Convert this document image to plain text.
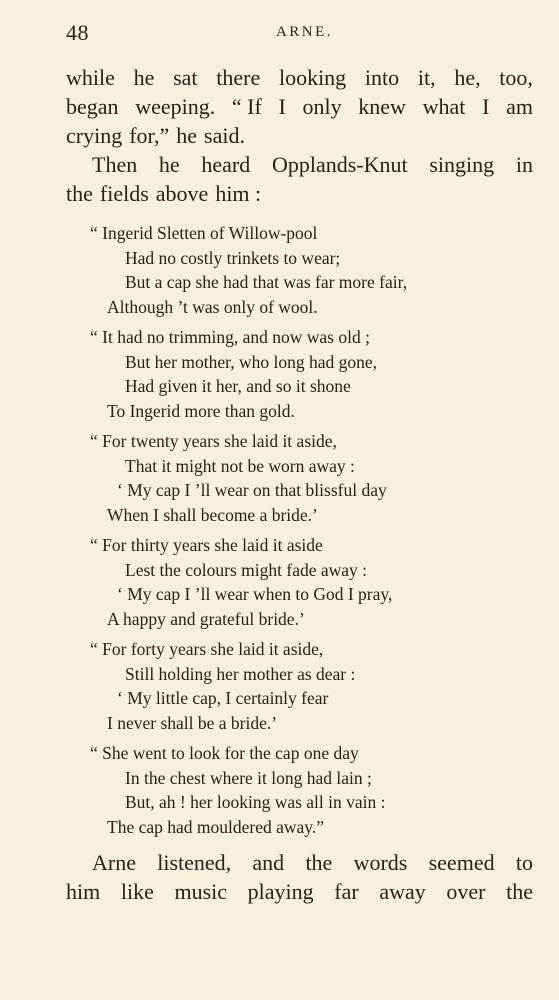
48	ARNE.
while he sat there looking into it, he, too,
began weeping. “ If I only knew what I am
crying for,” he said.
Then he heard Opplands-Knut singing in
the fields above him :
“ Ingerid Sletten of Willow-pool
Had no costly trinkets to wear;
But a cap she had that was far more fair,
Although ’t was only of wool.
“ It had no trimming, and now was old ;
But her mother, who long had gone,
Had given it her, and so it shone
To Ingerid more than gold.
“ For twenty years she laid it aside,
That it might not be worn away :
‘ My cap I ’ll wear on that blissful day
When I shall become a bride.’
“ For thirty years she laid it aside
Lest the colours might fade away :
‘ My cap I ’ll wear when to God I pray,
A happy and grateful bride.’
“ For forty years she laid it aside,
Still holding her mother as dear :
‘ My little cap, I certainly fear
I never shall be a bride.’
“ She went to look for the cap one day
In the chest where it long had lain ;
But, ah ! her looking was all in vain :
The cap had mouldered away.”
Arne listened, and the words seemed to
him like music playing far away over the
